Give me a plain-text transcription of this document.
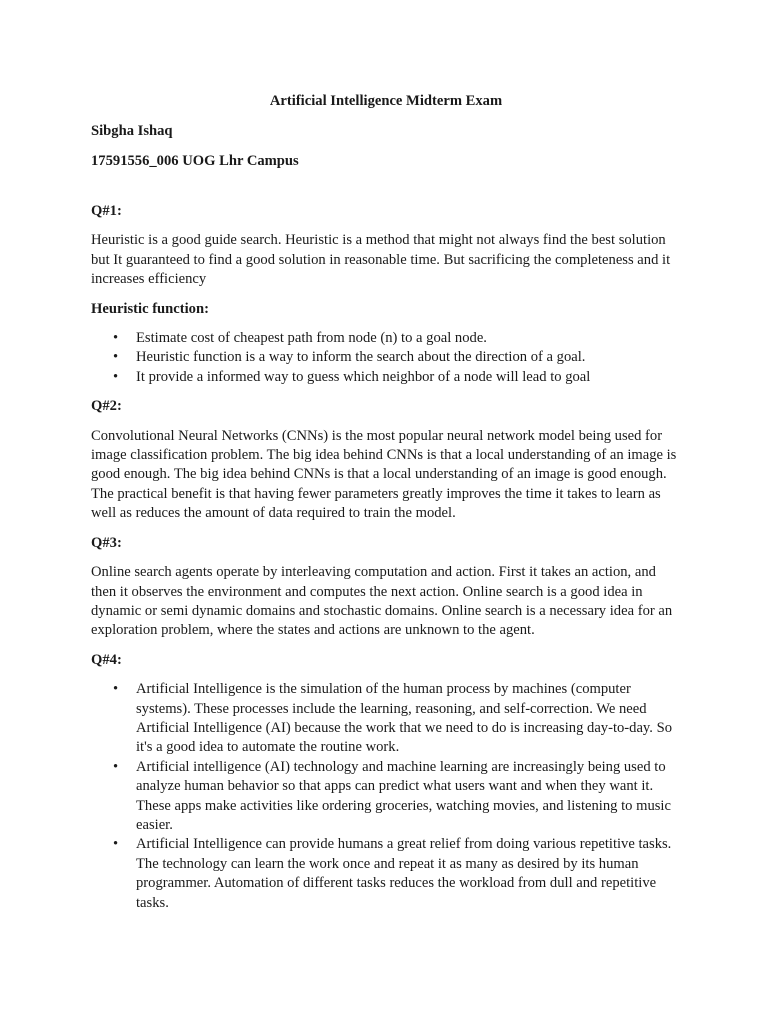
Artificial Intelligence Midterm Exam
Sibgha Ishaq
17591556_006 UOG Lhr Campus
Q#1:

Heuristic is a good guide search. Heuristic is a method that might not always find the best solution but It guaranteed to find a good solution in reasonable time. But sacrificing the completeness and it increases efficiency

Heuristic function:
• Estimate cost of cheapest path from node (n) to a goal node.
• Heuristic function is a way to inform the search about the direction of a goal.
• It provide a informed way to guess which neighbor of a node will lead to goal
Q#2:

Convolutional Neural Networks (CNNs) is the most popular neural network model being used for image classification problem. The big idea behind CNNs is that a local understanding of an image is good enough. The big idea behind CNNs is that a local understanding of an image is good enough. The practical benefit is that having fewer parameters greatly improves the time it takes to learn as well as reduces the amount of data required to train the model.

Q#3:

Online search agents operate by interleaving computation and action. First it takes an action, and then it observes the environment and computes the next action. Online search is a good idea in dynamic or semi dynamic domains and stochastic domains. Online search is a necessary idea for an exploration problem, where the states and actions are unknown to the agent.

Q#4:
• Artificial Intelligence is the simulation of the human process by machines (computer systems). These processes include the learning, reasoning, and self-correction. We need Artificial Intelligence (AI) because the work that we need to do is increasing day-to-day. So it's a good idea to automate the routine work.
• Artificial intelligence (AI) technology and machine learning are increasingly being used to analyze human behavior so that apps can predict what users want and when they want it. These apps make activities like ordering groceries, watching movies, and listening to music easier.
• Artificial Intelligence can provide humans a great relief from doing various repetitive tasks. The technology can learn the work once and repeat it as many as desired by its human programmer. Automation of different tasks reduces the workload from dull and repetitive tasks.
